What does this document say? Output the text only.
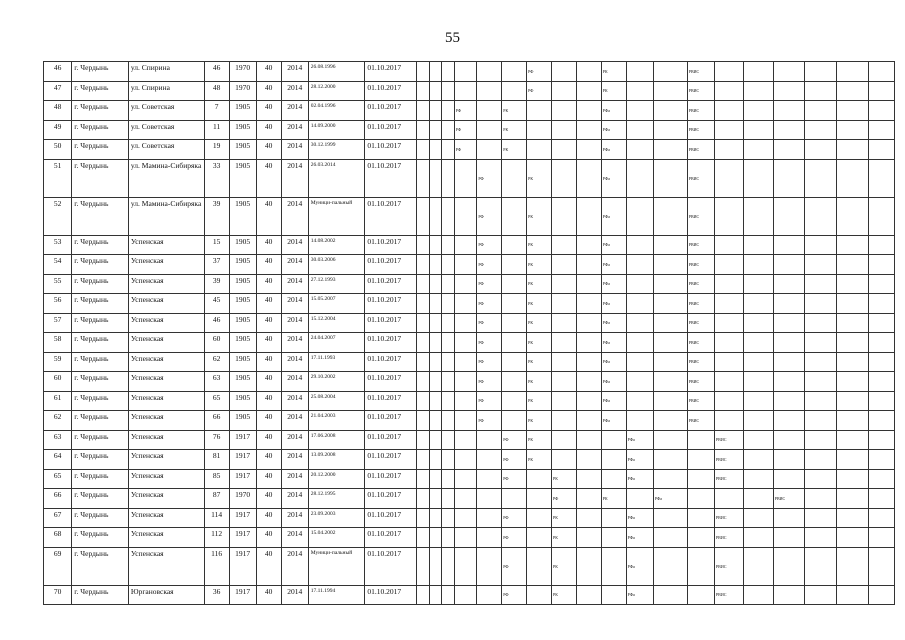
55
46	г. Чердынь	ул. Спирина	46	1970	40	2014	26.08.1996	01.10.2017							РФ			РК			РВИС						
47	г. Чердынь	ул. Спирина	48	1970	40	2014	28.12.2000	01.10.2017							РФ			РК			РВИС						
48	г. Чердынь	ул. Советская	7	1905	40	2014	02.04.1996	01.10.2017				РФ		РК				РФа			РВИС						
49	г. Чердынь	ул. Советская	11	1905	40	2014	14.09.2000	01.10.2017				РФ		РК				РФа			РВИС						
50	г. Чердынь	ул. Советская	19	1905	40	2014	30.12.1999	01.10.2017				РФ		РК				РФа			РВИС						
51	г. Чердынь	ул. Мамина-Сибиряка	33	1905	40	2014	26.03.2014	01.10.2017					РФ		РК			РФа			РВИС						
52	г. Чердынь	ул. Мамина-Сибиряка	39	1905	40	2014	Муници-пальный	01.10.2017					РФ		РК			РФа			РВИС						
53	г. Чердынь	Успенская	15	1905	40	2014	14.08.2002	01.10.2017					РФ		РК			РФа			РВИС						
54	г. Чердынь	Успенская	37	1905	40	2014	30.03.2006	01.10.2017					РФ		РК			РФа			РВИС						
55	г. Чердынь	Успенская	39	1905	40	2014	27.12.1993	01.10.2017					РФ		РК			РФа			РВИС						
56	г. Чердынь	Успенская	45	1905	40	2014	15.05.2007	01.10.2017					РФ		РК			РФа			РВИС						
57	г. Чердынь	Успенская	46	1905	40	2014	15.12.2004	01.10.2017					РФ		РК			РФа			РВИС						
58	г. Чердынь	Успенская	60	1905	40	2014	24.04.2007	01.10.2017					РФ		РК			РФа			РВИС						
59	г. Чердынь	Успенская	62	1905	40	2014	17.11.1993	01.10.2017					РФ		РК			РФа			РВИС						
60	г. Чердынь	Успенская	63	1905	40	2014	29.10.2002	01.10.2017					РФ		РК			РФа			РВИС						
61	г. Чердынь	Успенская	65	1905	40	2014	25.08.2004	01.10.2017					РФ		РК			РФа			РВИС						
62	г. Чердынь	Успенская	66	1905	40	2014	21.04.2003	01.10.2017					РФ		РК			РФа			РВИС						
63	г. Чердынь	Успенская	76	1917	40	2014	17.06.2008	01.10.2017						РФ	РК				РФа			РВИС					
64	г. Чердынь	Успенская	81	1917	40	2014	13.09.2008	01.10.2017						РФ	РК				РФа			РВИС					
65	г. Чердынь	Успенская	85	1917	40	2014	20.12.2000	01.10.2017						РФ		РК			РФа			РВИС					
66	г. Чердынь	Успенская	87	1970	40	2014	28.12.1995	01.10.2017								РФ		РК		РФа				РВИС			
67	г. Чердынь	Успенская	114	1917	40	2014	23.09.2003	01.10.2017						РФ		РК			РФа			РВИС					
68	г. Чердынь	Успенская	112	1917	40	2014	15.04.2002	01.10.2017						РФ		РК			РФа			РВИС					
69	г. Чердынь	Успенская	116	1917	40	2014	Муници-пальный	01.10.2017						РФ		РК			РФа			РВИС					
70	г. Чердынь	Юргановская	36	1917	40	2014	17.11.1994	01.10.2017						РФ		РК			РФа			РВИС					
